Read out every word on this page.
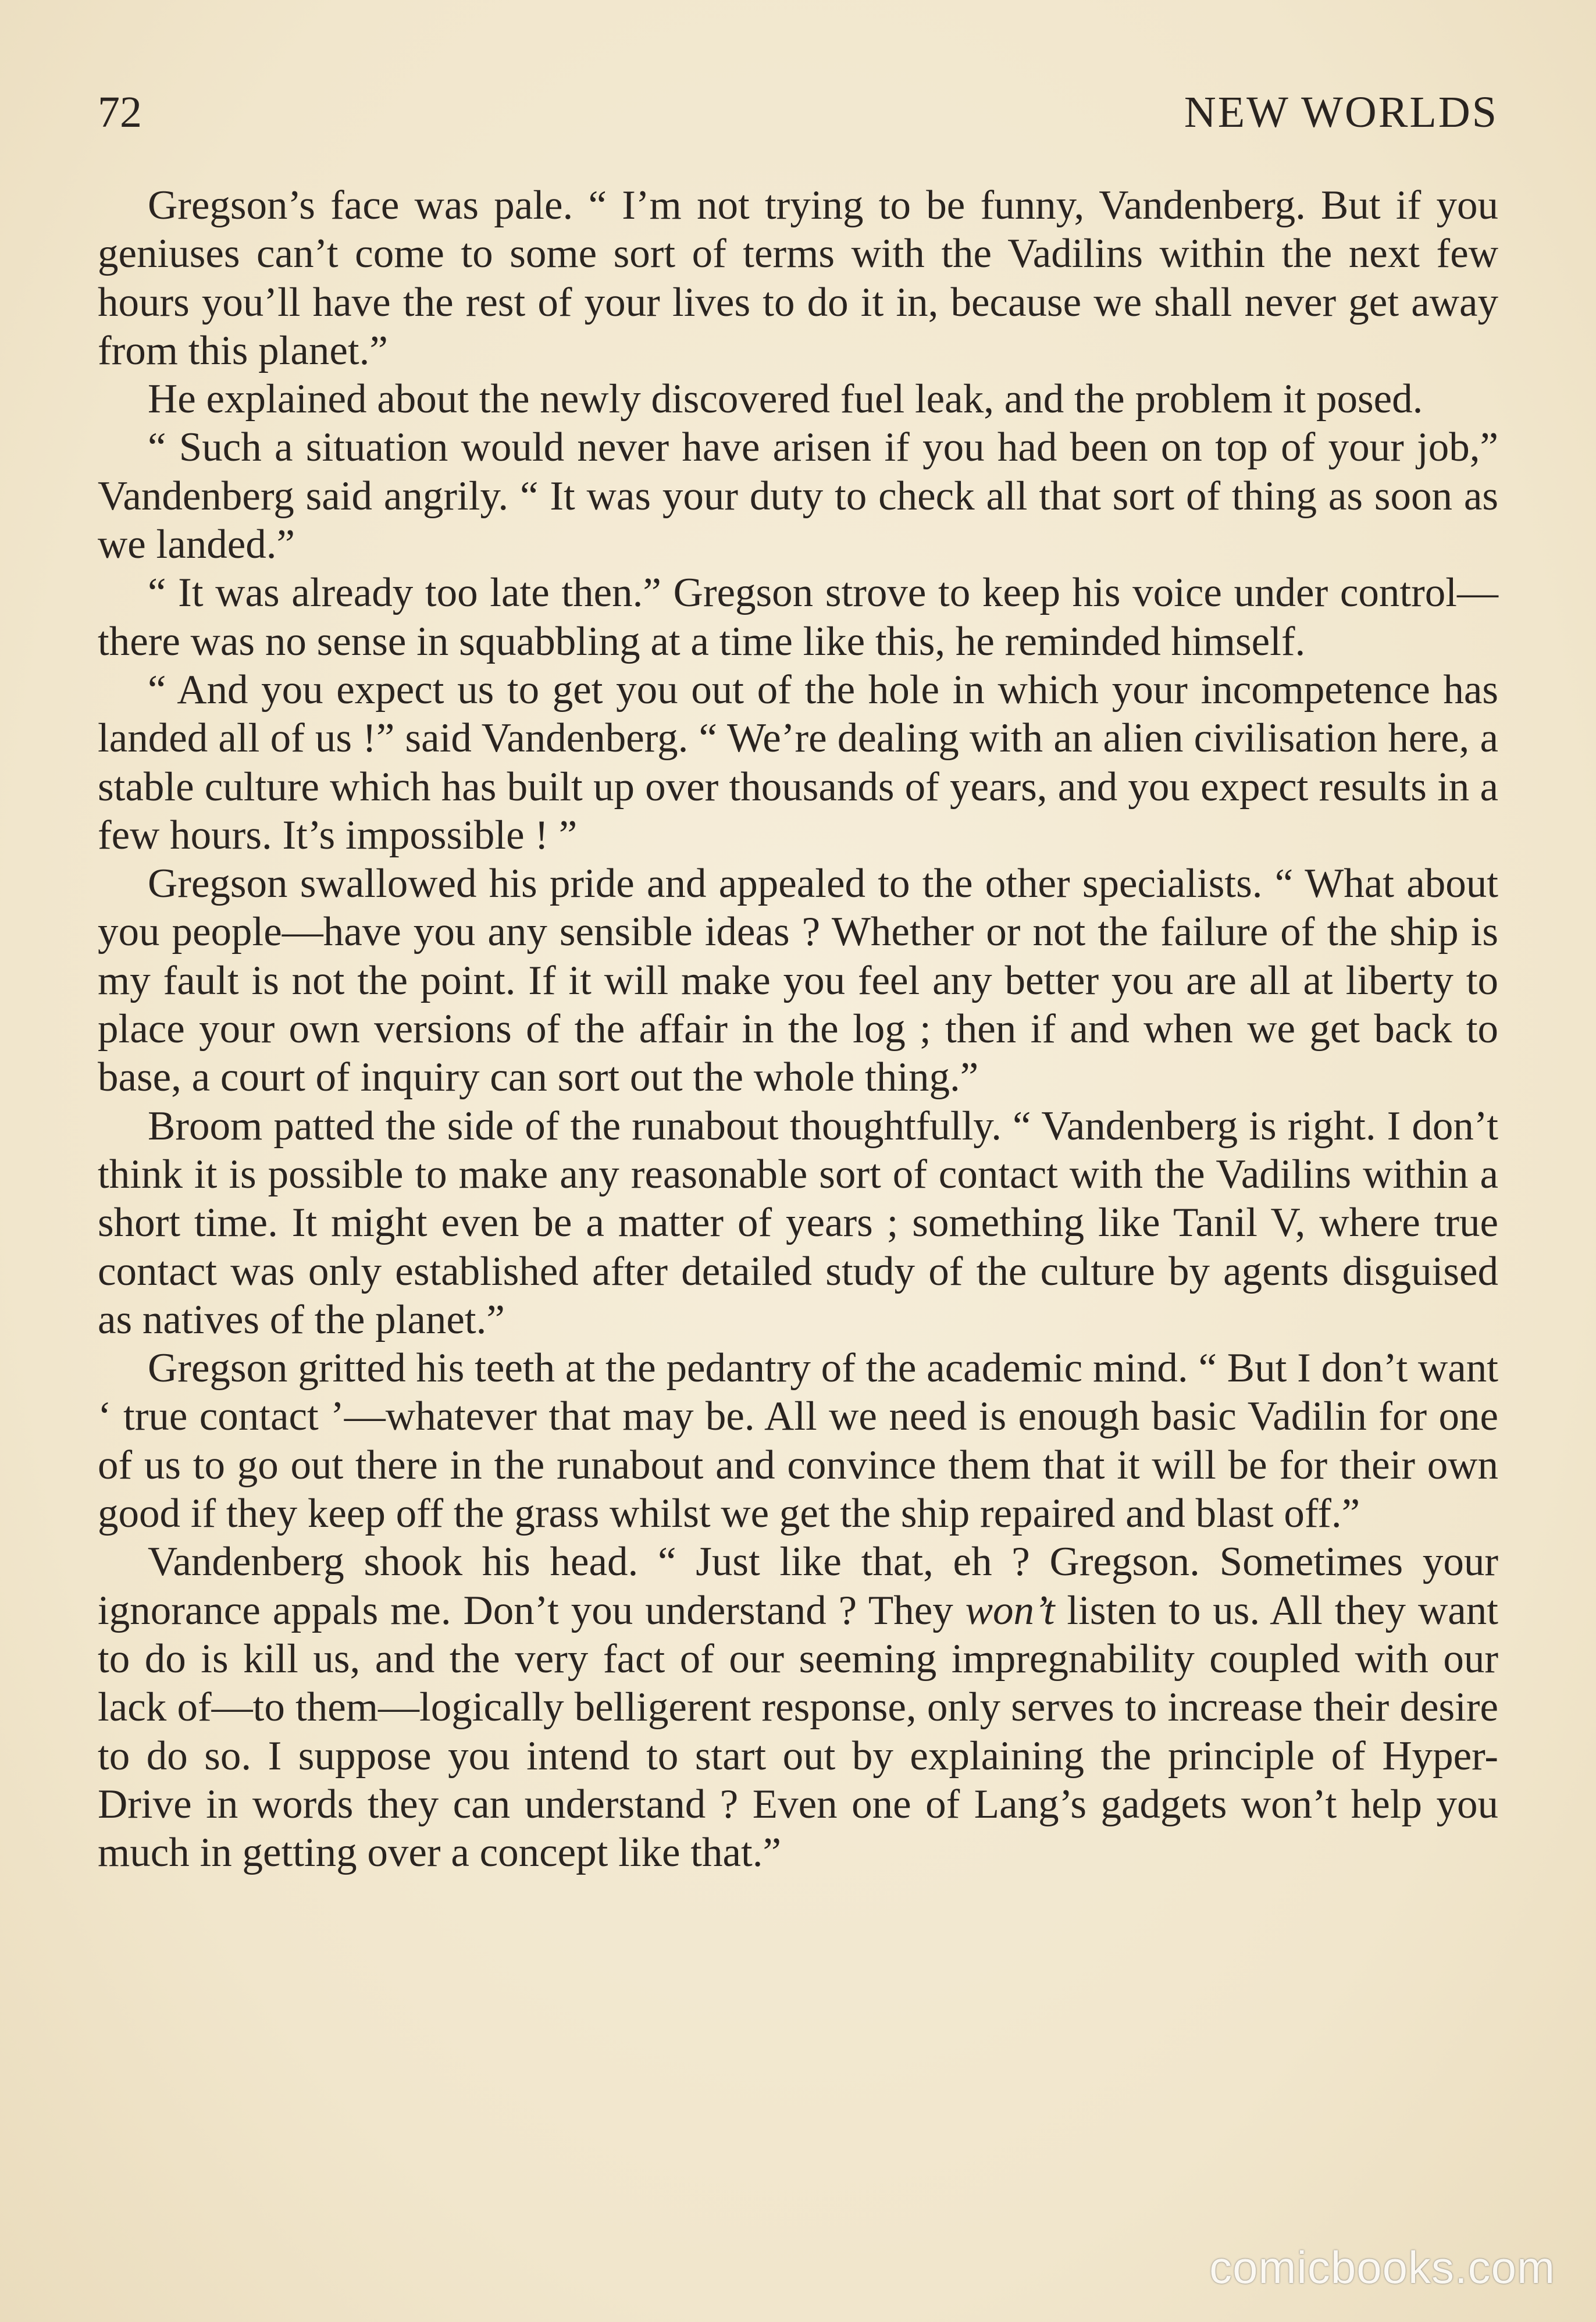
72	NEW WORLDS

Gregson’s face was pale. “ I’m not trying to be funny, Vandenberg. But if you geniuses can’t come to some sort of terms with the Vadilins within the next few hours you’ll have the rest of your lives to do it in, because we shall never get away from this planet.”

He explained about the newly discovered fuel leak, and the problem it posed.

“ Such a situation would never have arisen if you had been on top of your job,” Vandenberg said angrily. “ It was your duty to check all that sort of thing as soon as we landed.”

“ It was already too late then.” Gregson strove to keep his voice under control—there was no sense in squabbling at a time like this, he reminded himself.

“ And you expect us to get you out of the hole in which your incompetence has landed all of us !” said Vandenberg. “ We’re dealing with an alien civilisation here, a stable culture which has built up over thousands of years, and you expect results in a few hours. It’s impossible ! ”

Gregson swallowed his pride and appealed to the other specialists. “ What about you people—have you any sensible ideas ? Whether or not the failure of the ship is my fault is not the point. If it will make you feel any better you are all at liberty to place your own versions of the affair in the log ; then if and when we get back to base, a court of inquiry can sort out the whole thing.”

Broom patted the side of the runabout thoughtfully. “ Vandenberg is right. I don’t think it is possible to make any reasonable sort of contact with the Vadilins within a short time. It might even be a matter of years ; something like Tanil V, where true contact was only established after detailed study of the culture by agents disguised as natives of the planet.”

Gregson gritted his teeth at the pedantry of the academic mind. “ But I don’t want ‘ true contact ’—whatever that may be. All we need is enough basic Vadilin for one of us to go out there in the runabout and convince them that it will be for their own good if they keep off the grass whilst we get the ship repaired and blast off.”

Vandenberg shook his head. “ Just like that, eh ? Gregson. Sometimes your ignorance appals me. Don’t you understand ? They won’t listen to us. All they want to do is kill us, and the very fact of our seeming impregnability coupled with our lack of—to them—logically belligerent response, only serves to increase their desire to do so. I suppose you intend to start out by explaining the principle of Hyper-Drive in words they can understand ? Even one of Lang’s gadgets won’t help you much in getting over a concept like that.”

comicbooks.com
